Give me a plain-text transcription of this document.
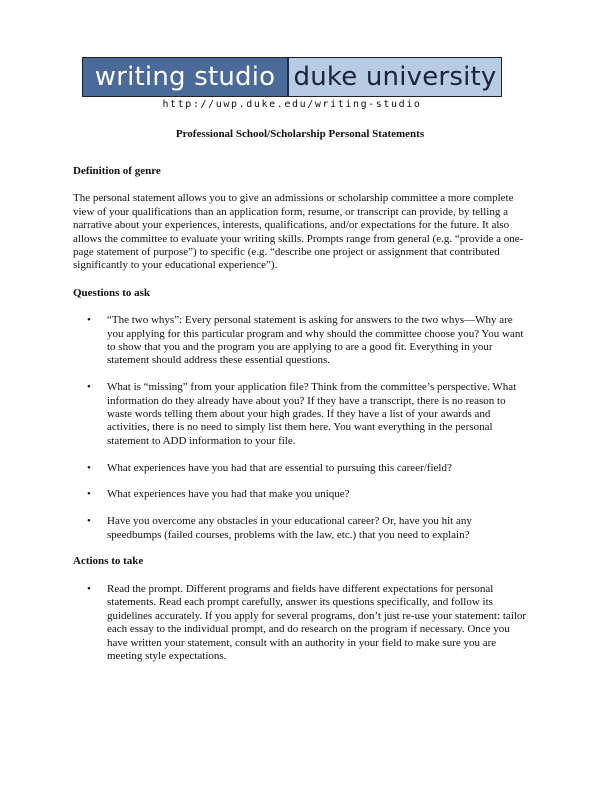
writing studio duke university
http://uwp.duke.edu/writing-studio
Professional School/Scholarship Personal Statements
Definition of genre

The personal statement allows you to give an admissions or scholarship committee a more complete view of your qualifications than an application form, resume, or transcript can provide, by telling a narrative about your experiences, interests, qualifications, and/or expectations for the future. It also allows the committee to evaluate your writing skills. Prompts range from general (e.g. “provide a one-page statement of purpose”) to specific (e.g. “describe one project or assignment that contributed significantly to your educational experience”).

Questions to ask
• “The two whys”: Every personal statement is asking for answers to the two whys—Why are you applying for this particular program and why should the committee choose you? You want to show that you and the program you are applying to are a good fit. Everything in your statement should address these essential questions.
• What is “missing” from your application file? Think from the committee’s perspective. What information do they already have about you? If they have a transcript, there is no reason to waste words telling them about your high grades. If they have a list of your awards and activities, there is no need to simply list them here. You want everything in the personal statement to ADD information to your file.
• What experiences have you had that are essential to pursuing this career/field?
• What experiences have you had that make you unique?
• Have you overcome any obstacles in your educational career? Or, have you hit any speedbumps (failed courses, problems with the law, etc.) that you need to explain?
Actions to take
• Read the prompt. Different programs and fields have different expectations for personal statements. Read each prompt carefully, answer its questions specifically, and follow its guidelines accurately. If you apply for several programs, don’t just re-use your statement: tailor each essay to the individual prompt, and do research on the program if necessary. Once you have written your statement, consult with an authority in your field to make sure you are meeting style expectations.
